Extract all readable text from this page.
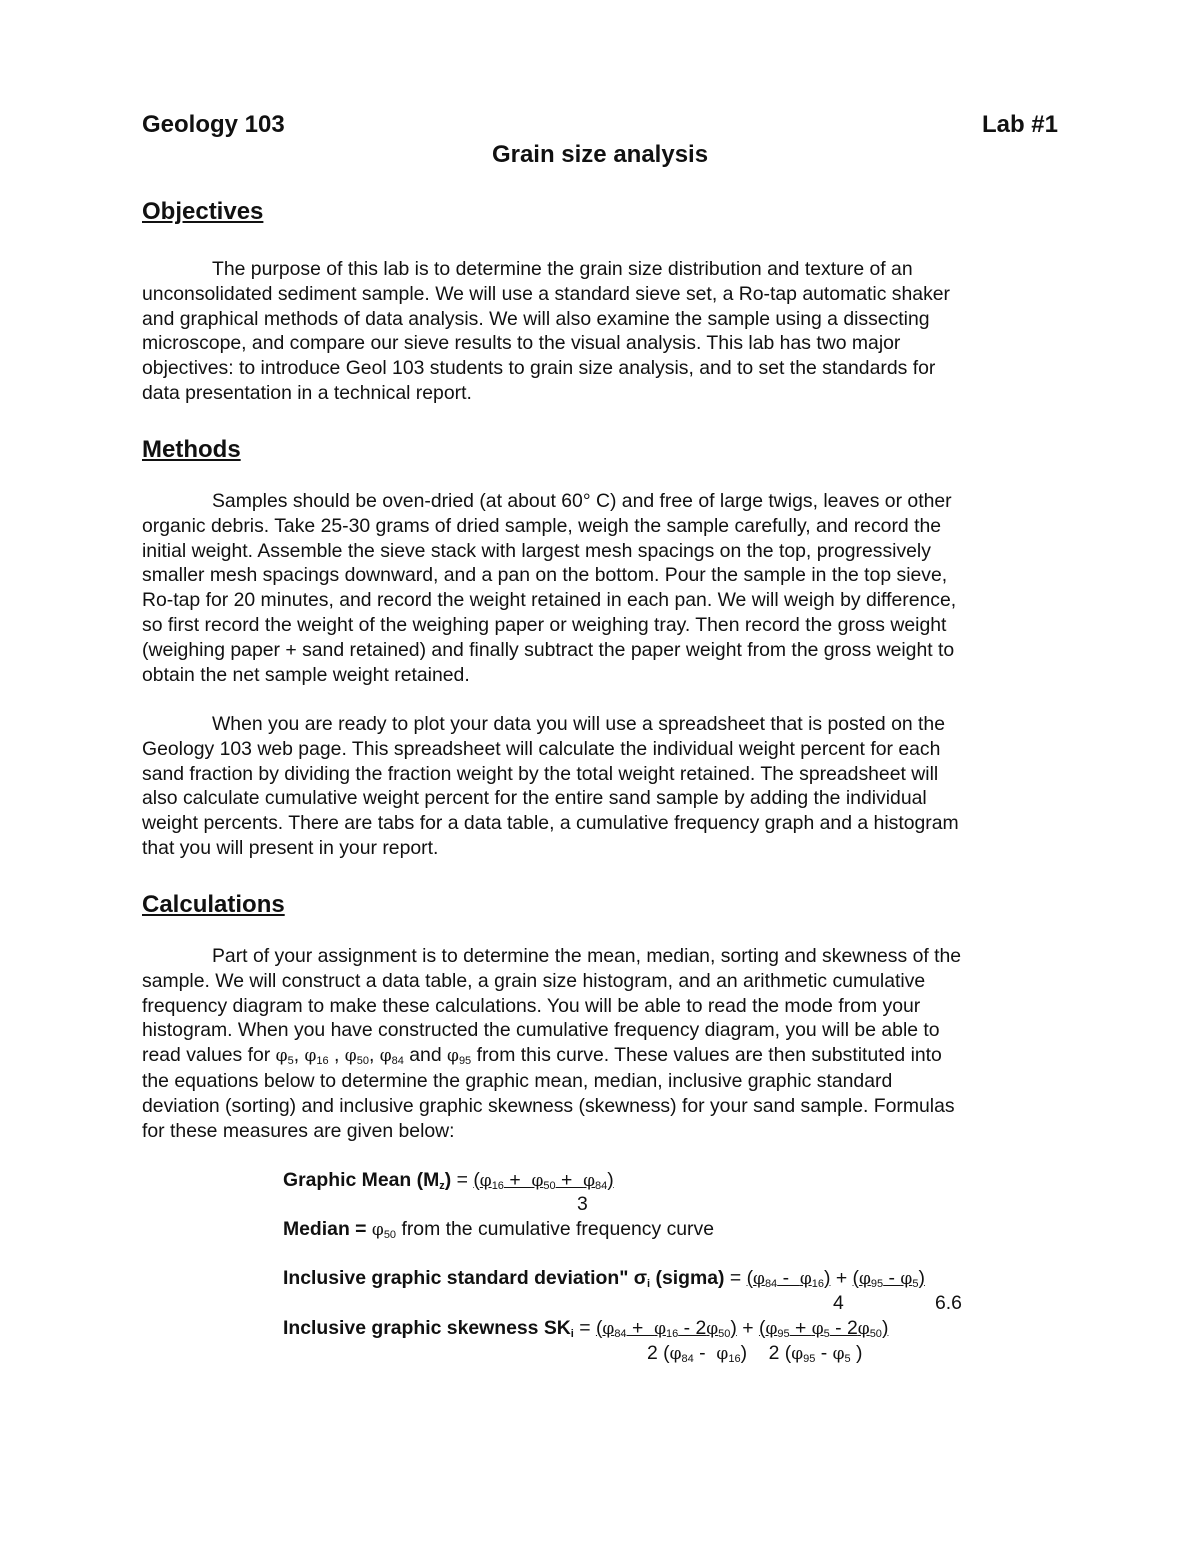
Geology 103	Lab #1
Grain size analysis
Objectives
The purpose of this lab is to determine the grain size distribution and texture of an
unconsolidated sediment sample. We will use a standard sieve set, a Ro-tap automatic shaker
and graphical methods of data analysis. We will also examine the sample using a dissecting
microscope, and compare our sieve results to the visual analysis. This lab has two major
objectives: to introduce Geol 103 students to grain size analysis, and to set the standards for
data presentation in a technical report.
Methods
Samples should be oven-dried (at about 60° C) and free of large twigs, leaves or other
organic debris. Take 25-30 grams of dried sample, weigh the sample carefully, and record the
initial weight. Assemble the sieve stack with largest mesh spacings on the top, progressively
smaller mesh spacings downward, and a pan on the bottom. Pour the sample in the top sieve,
Ro-tap for 20 minutes, and record the weight retained in each pan. We will weigh by difference,
so first record the weight of the weighing paper or weighing tray. Then record the gross weight
(weighing paper + sand retained) and finally subtract the paper weight from the gross weight to
obtain the net sample weight retained.
When you are ready to plot your data you will use a spreadsheet that is posted on the
Geology 103 web page. This spreadsheet will calculate the individual weight percent for each
sand fraction by dividing the fraction weight by the total weight retained. The spreadsheet will
also calculate cumulative weight percent for the entire sand sample by adding the individual
weight percents. There are tabs for a data table, a cumulative frequency graph and a histogram
that you will present in your report.
Calculations
Part of your assignment is to determine the mean, median, sorting and skewness of the
sample. We will construct a data table, a grain size histogram, and an arithmetic cumulative
frequency diagram to make these calculations. You will be able to read the mode from your
histogram. When you have constructed the cumulative frequency diagram, you will be able to
read values for $\varphi_5$, $\varphi_{16}$ , $\varphi_{50}$, $\varphi_{84}$ and $\varphi_{95}$ from this curve. These values are then substituted into
the equations below to determine the graphic mean, median, inclusive graphic standard
deviation (sorting) and inclusive graphic skewness (skewness) for your sand sample. Formulas
for these measures are given below:
Graphic Mean $(M_z) = (\varphi_{16} + \varphi_{50} + \varphi_{84})$
3
Median = $\varphi_{50}$ from the cumulative frequency curve
Inclusive graphic standard deviation" $\sigma_i$ (sigma) = $(\varphi_{84} - \varphi_{16}) + (\varphi_{95} - \varphi_5)$
4	6.6
Inclusive graphic skewness $SK_i = (\varphi_{84} + \varphi_{16} - 2\varphi_{50}) + (\varphi_{95} + \varphi_5 - 2\varphi_{50})$
2 $(\varphi_{84} - \varphi_{16})$    2 ($\varphi_{95} - \varphi_5$ )
